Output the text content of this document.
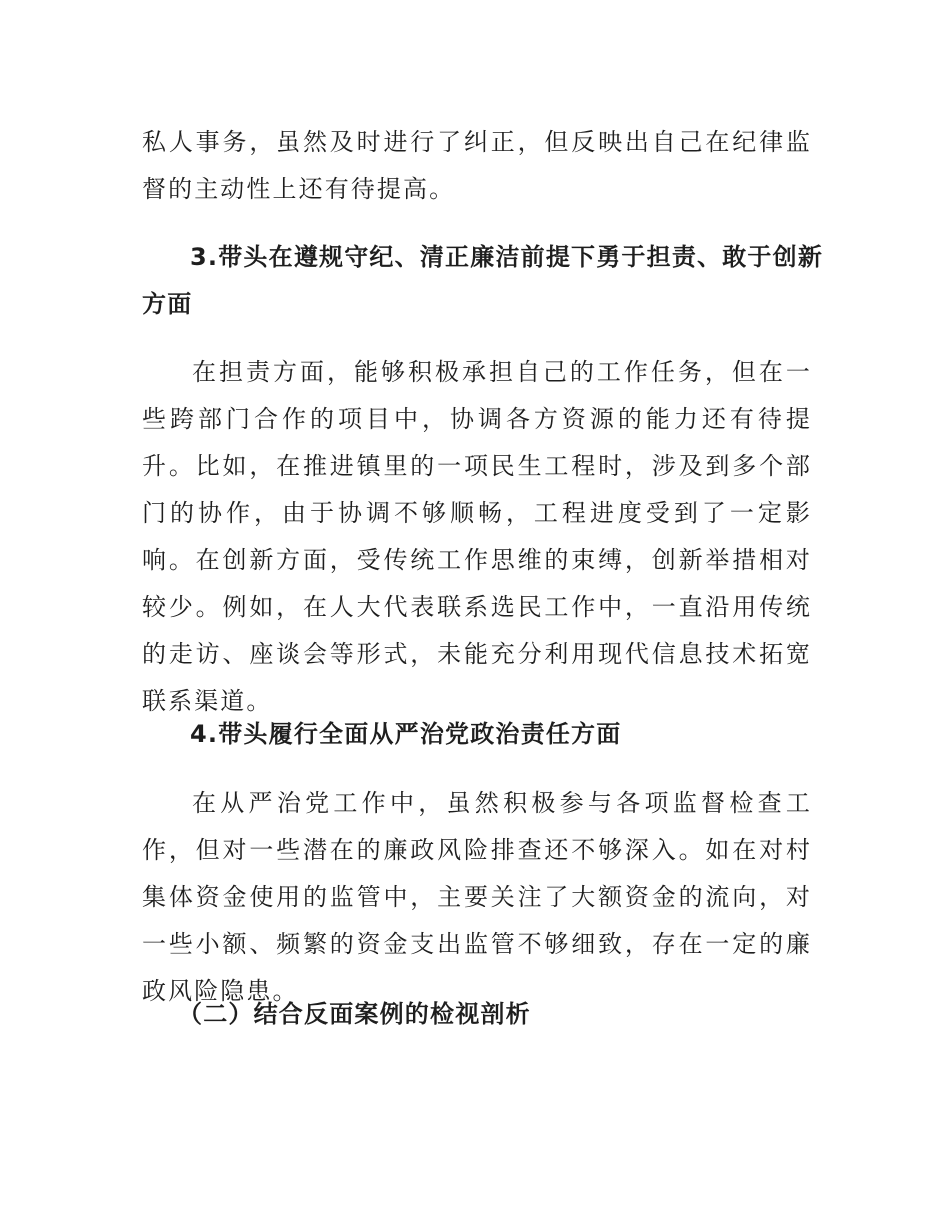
私人事务，虽然及时进行了纠正，但反映出自己在纪律监督的主动性上还有待提高。

3.带头在遵规守纪、清正廉洁前提下勇于担责、敢于创新
方面

在担责方面，能够积极承担自己的工作任务，但在一些跨部门合作的项目中，协调各方资源的能力还有待提升。比如，在推进镇里的一项民生工程时，涉及到多个部门的协作，由于协调不够顺畅，工程进度受到了一定影响。在创新方面，受传统工作思维的束缚，创新举措相对较少。例如，在人大代表联系选民工作中，一直沿用传统的走访、座谈会等形式，未能充分利用现代信息技术拓宽联系渠道。

4.带头履行全面从严治党政治责任方面

在从严治党工作中，虽然积极参与各项监督检查工作，但对一些潜在的廉政风险排查还不够深入。如在对村集体资金使用的监管中，主要关注了大额资金的流向，对一些小额、频繁的资金支出监管不够细致，存在一定的廉政风险隐患。

（二）结合反面案例的检视剖析
